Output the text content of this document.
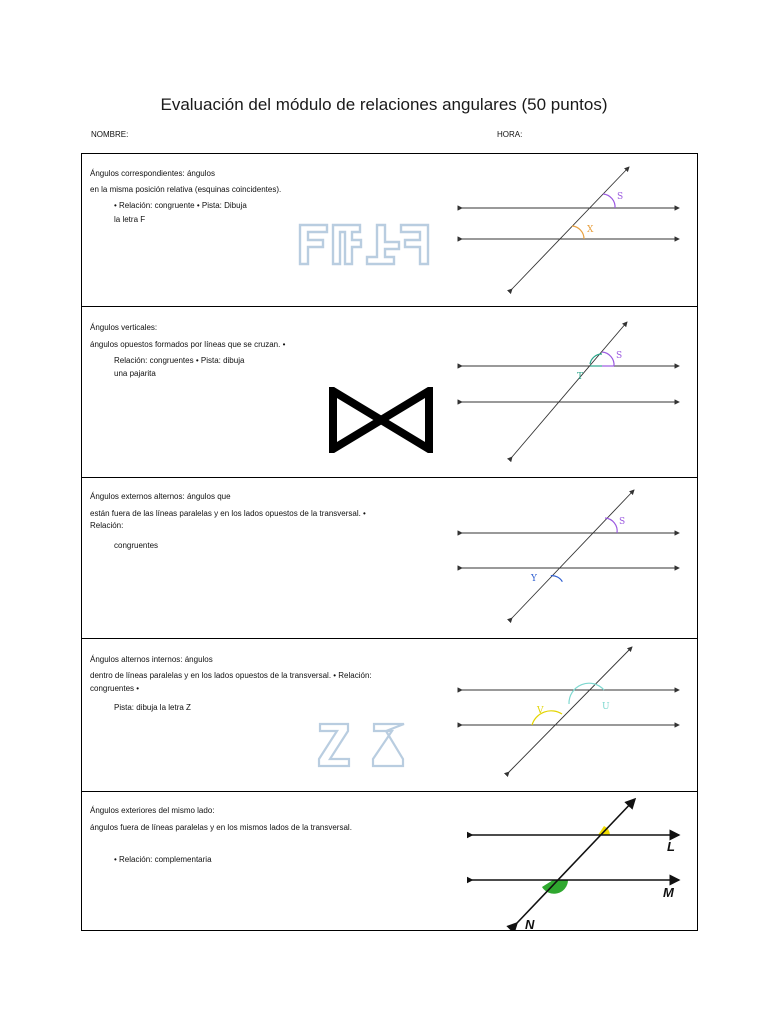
Evaluación del módulo de relaciones angulares (50 puntos)
NOMBRE:	HORA:
Ángulos correspondientes: ángulos
en la misma posición relativa (esquinas coincidentes).
• Relación: congruente • Pista: Dibuja
la letra F
S
X
Ángulos verticales:
ángulos opuestos formados por líneas que se cruzan. •
Relación: congruentes • Pista: dibuja
una pajarita
S
T
Ángulos externos alternos: ángulos que
están fuera de las líneas paralelas y en los lados opuestos de la transversal. •
Relación:
congruentes
S
Y
Ángulos alternos internos: ángulos
dentro de líneas paralelas y en los lados opuestos de la transversal. • Relación:
congruentes •
Pista: dibuja la letra Z	V	U
Ángulos exteriores del mismo lado:
ángulos fuera de líneas paralelas y en los mismos lados de la transversal.
• Relación: complementaria
L
M
N
